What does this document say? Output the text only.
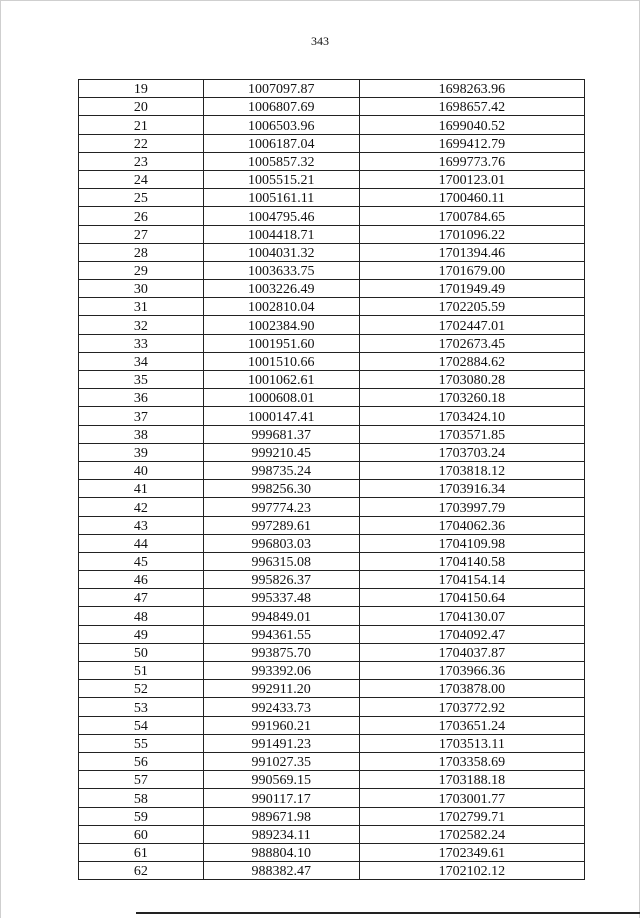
343
19	1007097.87	1698263.96
20	1006807.69	1698657.42
21	1006503.96	1699040.52
22	1006187.04	1699412.79
23	1005857.32	1699773.76
24	1005515.21	1700123.01
25	1005161.11	1700460.11
26	1004795.46	1700784.65
27	1004418.71	1701096.22
28	1004031.32	1701394.46
29	1003633.75	1701679.00
30	1003226.49	1701949.49
31	1002810.04	1702205.59
32	1002384.90	1702447.01
33	1001951.60	1702673.45
34	1001510.66	1702884.62
35	1001062.61	1703080.28
36	1000608.01	1703260.18
37	1000147.41	1703424.10
38	999681.37	1703571.85
39	999210.45	1703703.24
40	998735.24	1703818.12
41	998256.30	1703916.34
42	997774.23	1703997.79
43	997289.61	1704062.36
44	996803.03	1704109.98
45	996315.08	1704140.58
46	995826.37	1704154.14
47	995337.48	1704150.64
48	994849.01	1704130.07
49	994361.55	1704092.47
50	993875.70	1704037.87
51	993392.06	1703966.36
52	992911.20	1703878.00
53	992433.73	1703772.92
54	991960.21	1703651.24
55	991491.23	1703513.11
56	991027.35	1703358.69
57	990569.15	1703188.18
58	990117.17	1703001.77
59	989671.98	1702799.71
60	989234.11	1702582.24
61	988804.10	1702349.61
62	988382.47	1702102.12
